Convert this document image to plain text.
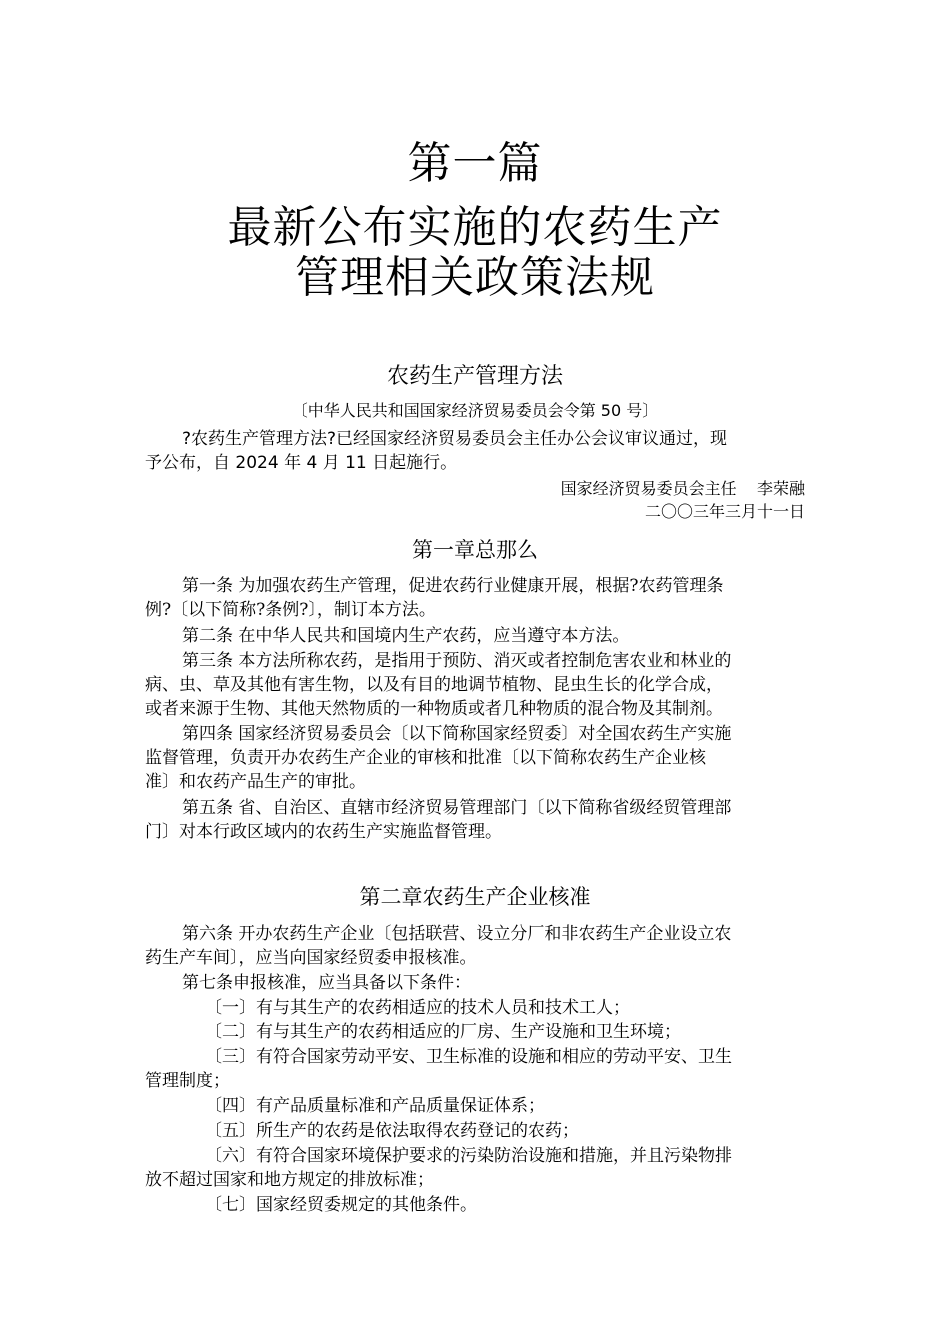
第一篇
最新公布实施的农药生产
管理相关政策法规
农药生产管理方法
〔中华人民共和国国家经济贸易委员会令第 50 号〕
?农药生产管理方法?已经国家经济贸易委员会主任办公会议审议通过，现
予公布，自 2024 年 4 月 11 日起施行。
国家经济贸易委员会主任    李荣融
二〇〇三年三月十一日
第一章总那么
第一条 为加强农药生产管理，促进农药行业健康开展，根据?农药管理条
例?〔以下简称?条例?〕，制订本方法。
第二条 在中华人民共和国境内生产农药，应当遵守本方法。
第三条 本方法所称农药，是指用于预防、消灭或者控制危害农业和林业的
病、虫、草及其他有害生物，以及有目的地调节植物、昆虫生长的化学合成，
或者来源于生物、其他天然物质的一种物质或者几种物质的混合物及其制剂。
第四条 国家经济贸易委员会〔以下简称国家经贸委〕对全国农药生产实施
监督管理，负责开办农药生产企业的审核和批准〔以下简称农药生产企业核
准〕和农药产品生产的审批。
第五条 省、自治区、直辖市经济贸易管理部门〔以下简称省级经贸管理部
门〕对本行政区域内的农药生产实施监督管理。
第二章农药生产企业核准
第六条 开办农药生产企业〔包括联营、设立分厂和非农药生产企业设立农
药生产车间〕，应当向国家经贸委申报核准。
第七条申报核准，应当具备以下条件：
〔一〕有与其生产的农药相适应的技术人员和技术工人；
〔二〕有与其生产的农药相适应的厂房、生产设施和卫生环境；
〔三〕有符合国家劳动平安、卫生标准的设施和相应的劳动平安、卫生
管理制度；
〔四〕有产品质量标准和产品质量保证体系；
〔五〕所生产的农药是依法取得农药登记的农药；
〔六〕有符合国家环境保护要求的污染防治设施和措施，并且污染物排
放不超过国家和地方规定的排放标准；
〔七〕国家经贸委规定的其他条件。
